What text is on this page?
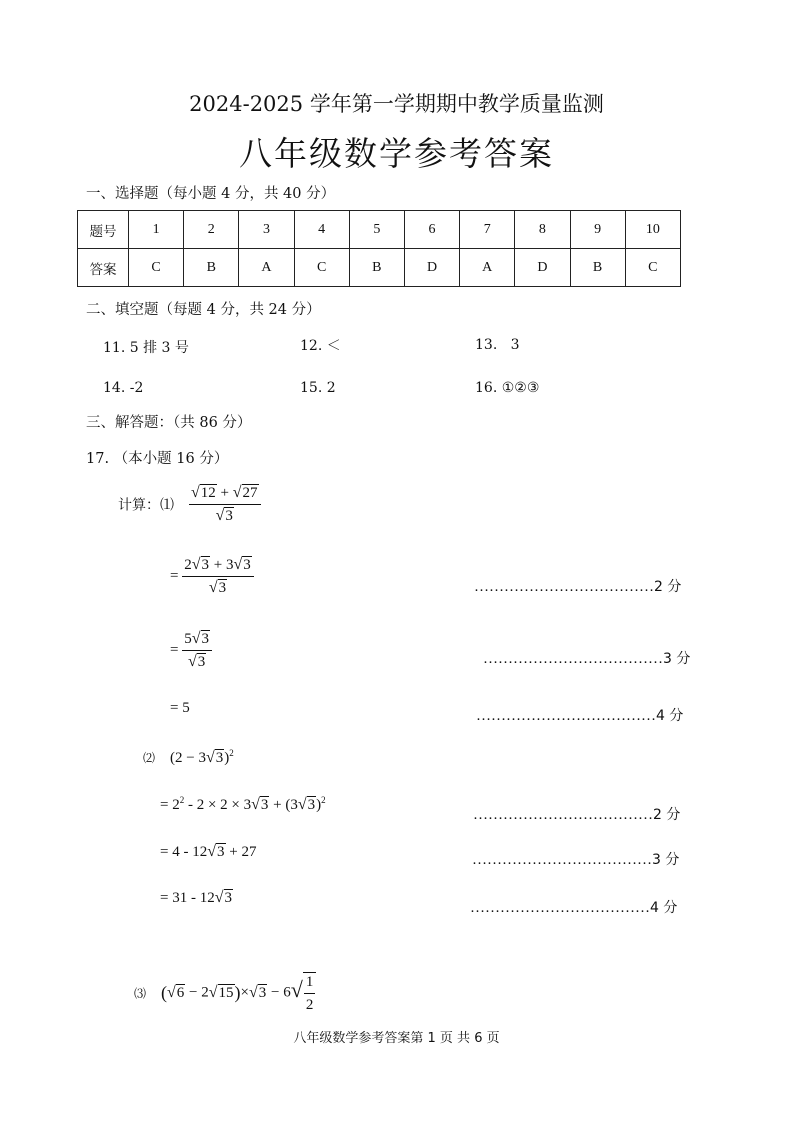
2024-2025 学年第一学期期中教学质量监测
八年级数学参考答案
一、选择题（每小题 4 分，共 40 分）
题号	1	2	3	4	5	6	7	8	9	10
答案	C	B	A	C	B	D	A	D	B	C
二、填空题（每题 4 分，共 24 分）
11. 5 排 3 号	12. ＜	13. 3
14. -2	15. 2	16. ①②③
三、解答题：（共 86 分）
17. （本小题 16 分）
计算：⑴ $\frac{√12 + √27}{√3}$
= $\frac{2√3 + 3√3}{√3}$	………………………………2 分
= $\frac{5√3}{√3}$	………………………………3 分
= 5	………………………………4 分
⑵ $(2 - 3√3)^2$
= $2^2 - 2 \times 2 \times 3√3 + (3√3)^2$
………………………………2 分
= 4 - 12√3 + 27	………………………………3 分
= 31 - 12√3
………………………………4 分
⑶ $(√6 - 2√15)\times√3 - 6√ \frac{1}{2}$
八年级数学参考答案第 1 页 共 6 页
